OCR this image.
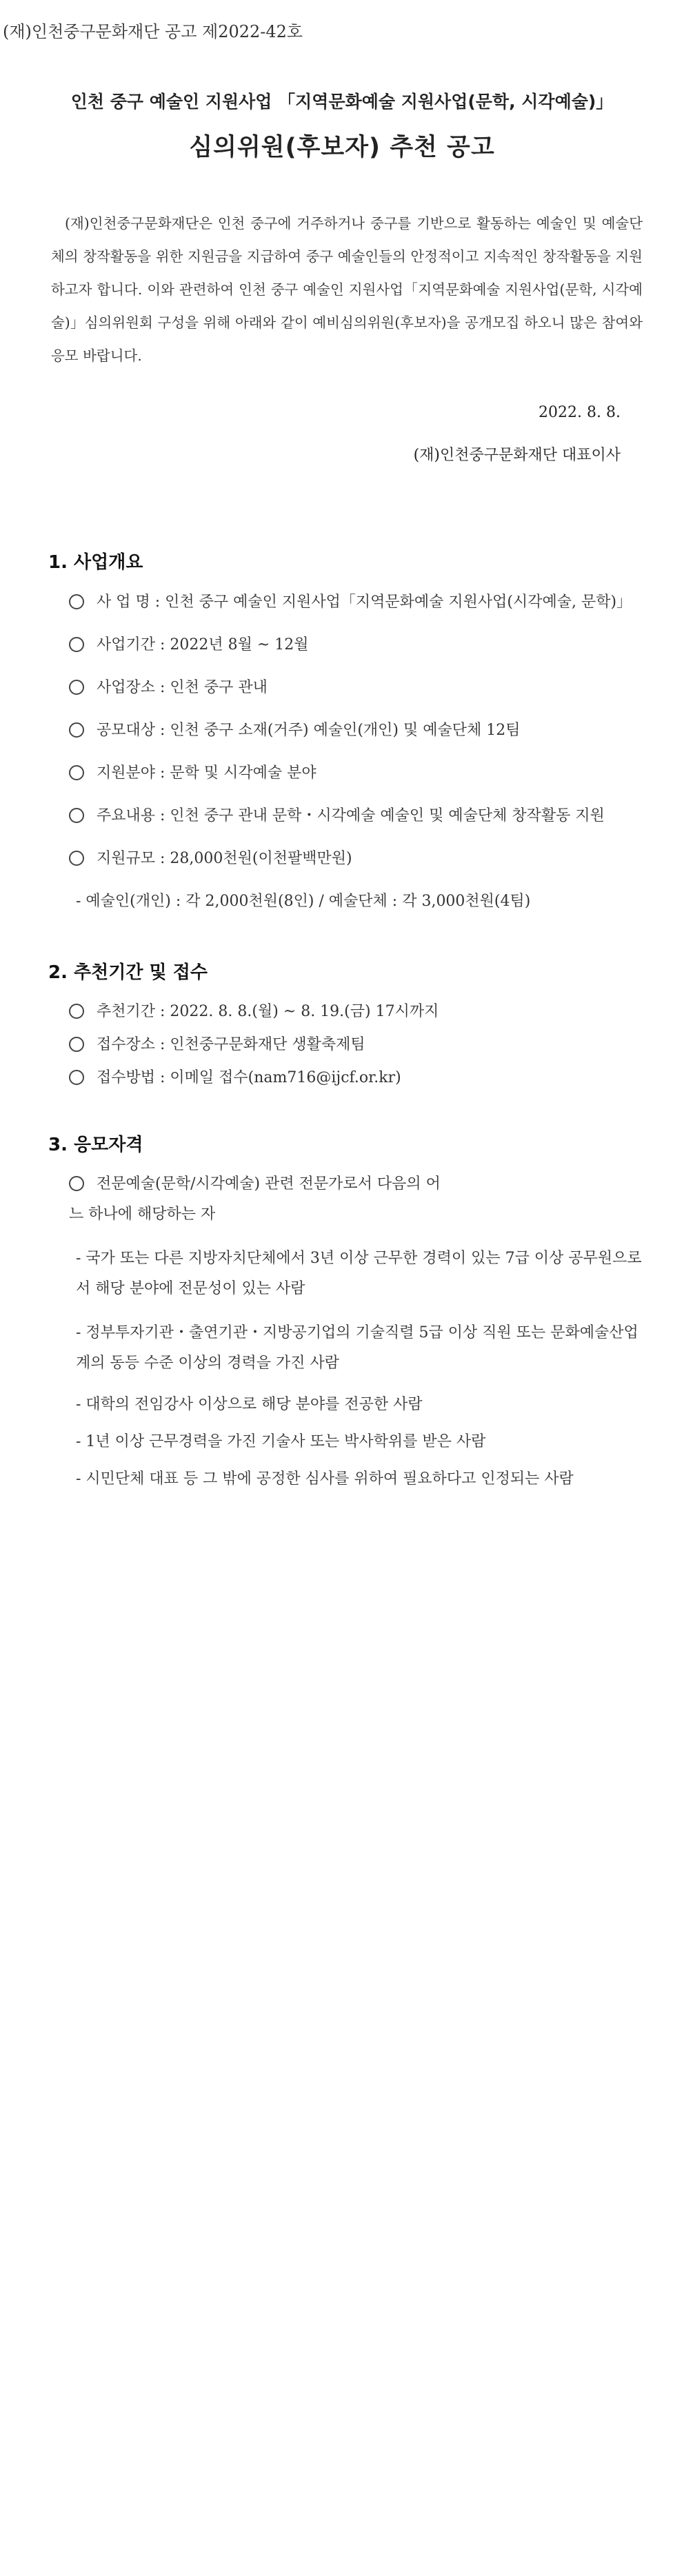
(재)인천중구문화재단 공고 제2022-42호
인천 중구 예술인 지원사업 「지역문화예술 지원사업(문학, 시각예술)」
심의위원(후보자) 추천 공고
(재)인천중구문화재단은 인천 중구에 거주하거나 중구를 기반으로 활동하는 예술인 및 예술단체의 창작활동을 위한 지원금을 지급하여 중구 예술인들의 안정적이고 지속적인 창작활동을 지원하고자 합니다. 이와 관련하여 인천 중구 예술인 지원사업「지역문화예술 지원사업(문학, 시각예술)」심의위원회 구성을 위해 아래와 같이 예비심의위원(후보자)을 공개모집 하오니 많은 참여와 응모 바랍니다.
2022. 8. 8.
(재)인천중구문화재단 대표이사
1. 사업개요
사 업 명 : 인천 중구 예술인 지원사업「지역문화예술 지원사업(시각예술, 문학)」
사업기간 : 2022년 8월 ~ 12월
사업장소 : 인천 중구 관내
공모대상 : 인천 중구 소재(거주) 예술인(개인) 및 예술단체 12팀
지원분야 : 문학 및 시각예술 분야
주요내용 : 인천 중구 관내 문학・시각예술 예술인 및 예술단체 창작활동 지원
지원규모 : 28,000천원(이천팔백만원)
- 예술인(개인) : 각 2,000천원(8인) / 예술단체 : 각 3,000천원(4팀)
2. 추천기간 및 접수
추천기간 : 2022. 8. 8.(월) ~ 8. 19.(금) 17시까지
접수장소 : 인천중구문화재단 생활축제팀
접수방법 : 이메일 접수(nam716@ijcf.or.kr)
3. 응모자격
전문예술(문학/시각예술) 관련 전문가로서 다음의 어느 하나에 해당하는 자
- 국가 또는 다른 지방자치단체에서 3년 이상 근무한 경력이 있는 7급 이상 공무원으로서 해당 분야에 전문성이 있는 사람
- 정부투자기관・출연기관・지방공기업의 기술직렬 5급 이상 직원 또는 문화예술산업계의 동등 수준 이상의 경력을 가진 사람
- 대학의 전임강사 이상으로 해당 분야를 전공한 사람
- 1년 이상 근무경력을 가진 기술사 또는 박사학위를 받은 사람
- 시민단체 대표 등 그 밖에 공정한 심사를 위하여 필요하다고 인정되는 사람
